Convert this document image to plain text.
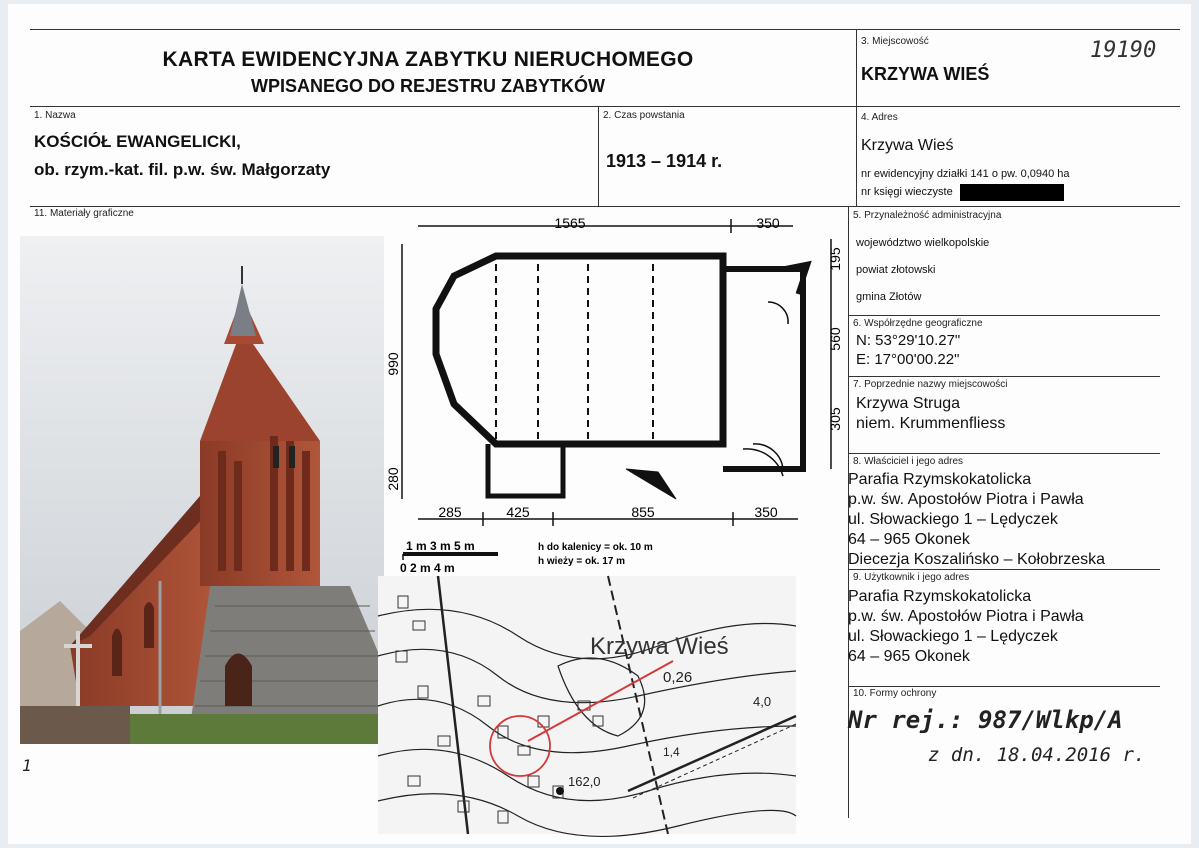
KARTA EWIDENCYJNA ZABYTKU NIERUCHOMEGO
WPISANEGO DO REJESTRU ZABYTKÓW
19190
3. Miejscowość
KRZYWA WIEŚ
1. Nazwa
KOŚCIÓŁ EWANGELICKI,
ob. rzym.-kat. fil. p.w. św. Małgorzaty
2. Czas powstania
1913 – 1914 r.
4. Adres
Krzywa Wieś
nr ewidencyjny działki 141 o pw. 0,0940 ha
nr księgi wieczyste
11. Materiały graficzne	5. Przynależność administracyjna
województwo wielkopolskie
powiat złotowski
gmina Złotów
6. Współrzędne geograficzne
N: 53°29'10.27"
E: 17°00'00.22"
7. Poprzednie nazwy miejscowości
Krzywa Struga
niem. Krummenfliess
8. Właściciel i jego adres
Parafia Rzymskokatolicka
p.w. św. Apostołów Piotra i Pawła
ul. Słowackiego 1 – Lędyczek
64 – 965 Okonek
Diecezja Koszalińsko – Kołobrzeska
9. Użytkownik i jego adres
Parafia Rzymskokatolicka
p.w. św. Apostołów Piotra i Pawła
ul. Słowackiego 1 – Lędyczek
64 – 965 Okonek
10. Formy ochrony
Nr rej.: 987/Wlkp/A
z dn. 18.04.2016 r.
1565	350
990
280
195
560
305
285	425	855	350
1 m 3 m 5 m
0 2 m 4 m
h do kalenicy = ok. 10 m
h wieży = ok. 17 m
Krzywa Wieś
0,26
162,0
4,0
1,4
1
